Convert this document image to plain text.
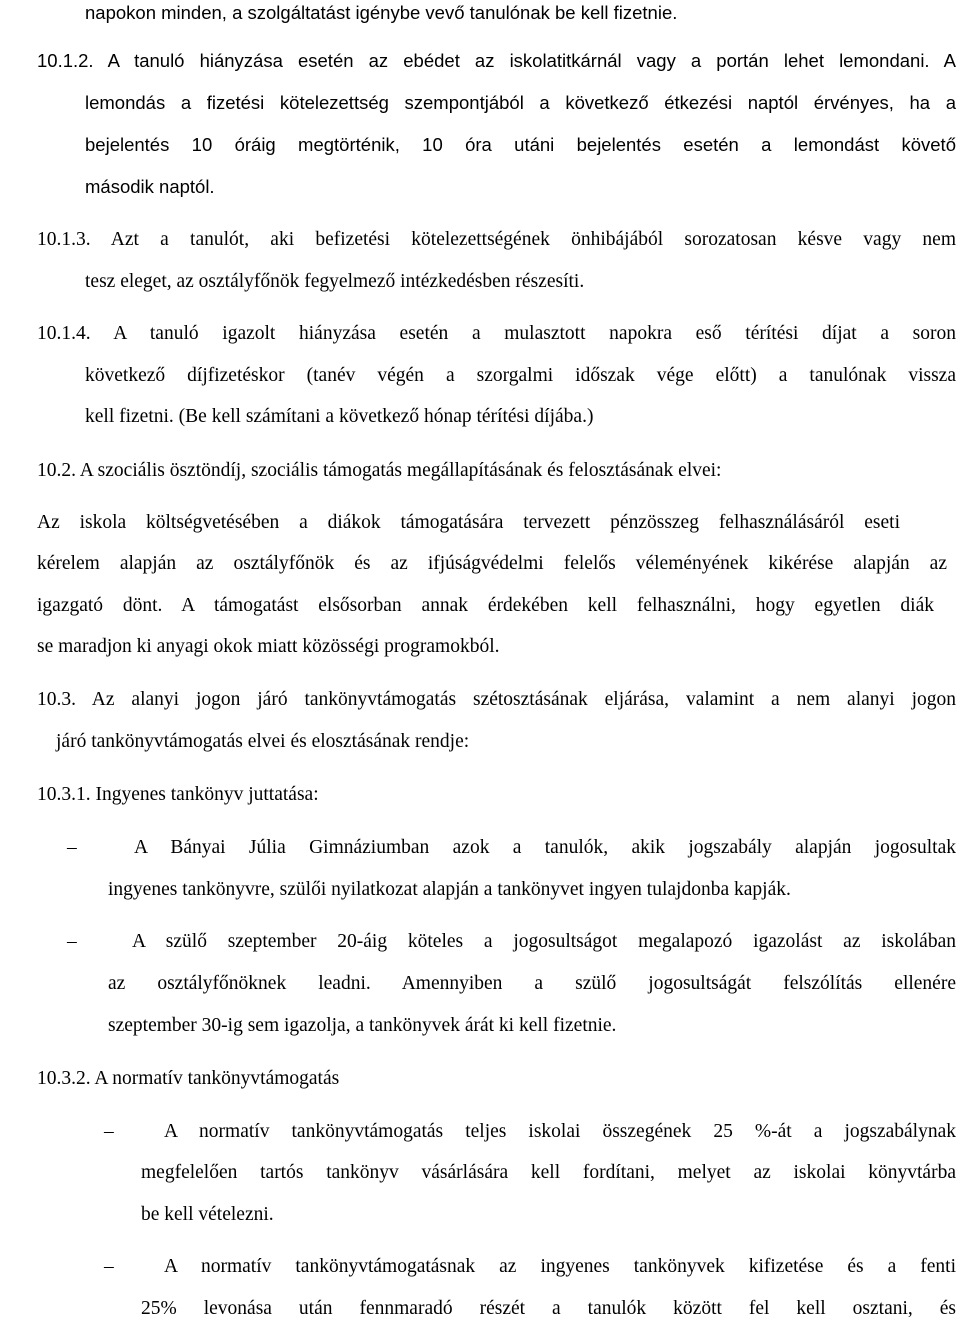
napokon minden, a szolgáltatást igénybe vevő tanulónak be kell fizetnie.
10.1.2. A tanuló hiányzása esetén az ebédet az iskolatitkárnál vagy a portán lehet lemondani. A
lemondás a fizetési kötelezettség szempontjából a következő étkezési naptól érvényes, ha a
bejelentés 10 óráig megtörténik, 10 óra utáni bejelentés esetén a lemondást követő
második naptól.
10.1.3. Azt a tanulót, aki befizetési kötelezettségének önhibájából sorozatosan késve vagy nem
tesz eleget, az osztályfőnök fegyelmező intézkedésben részesíti.
10.1.4. A tanuló igazolt hiányzása esetén a mulasztott napokra eső térítési díjat a soron
következő díjfizetéskor (tanév végén a szorgalmi időszak vége előtt) a tanulónak vissza
kell fizetni. (Be kell számítani a következő hónap térítési díjába.)
10.2. A szociális ösztöndíj, szociális támogatás megállapításának és felosztásának elvei:
Az iskola költségvetésében a diákok támogatására tervezett pénzösszeg felhasználásáról eseti
kérelem alapján az osztályfőnök és az ifjúságvédelmi felelős véleményének kikérése alapján az
igazgató dönt. A támogatást elsősorban annak érdekében kell felhasználni, hogy egyetlen diák
se maradjon ki anyagi okok miatt közösségi programokból.
10.3. Az alanyi jogon járó tankönyvtámogatás szétosztásának eljárása, valamint a nem alanyi jogon
járó tankönyvtámogatás elvei és elosztásának rendje:
10.3.1. Ingyenes tankönyv juttatása:
–	A Bányai Júlia Gimnáziumban azok a tanulók, akik jogszabály alapján jogosultak
ingyenes tankönyvre, szülői nyilatkozat alapján a tankönyvet ingyen tulajdonba kapják.
–	A szülő szeptember 20-áig köteles a jogosultságot megalapozó igazolást az iskolában
az osztályfőnöknek leadni. Amennyiben a szülő jogosultságát felszólítás ellenére
szeptember 30-ig sem igazolja, a tankönyvek árát ki kell fizetnie.
10.3.2. A normatív tankönyvtámogatás
–	A normatív tankönyvtámogatás teljes iskolai összegének 25 %-át a jogszabálynak
megfelelően tartós tankönyv vásárlására kell fordítani, melyet az iskolai könyvtárba
be kell vételezni.
–	A normatív tankönyvtámogatásnak az ingyenes tankönyvek kifizetése és a fenti
25% levonása után fennmaradó részét a tanulók között fel kell osztani, és
